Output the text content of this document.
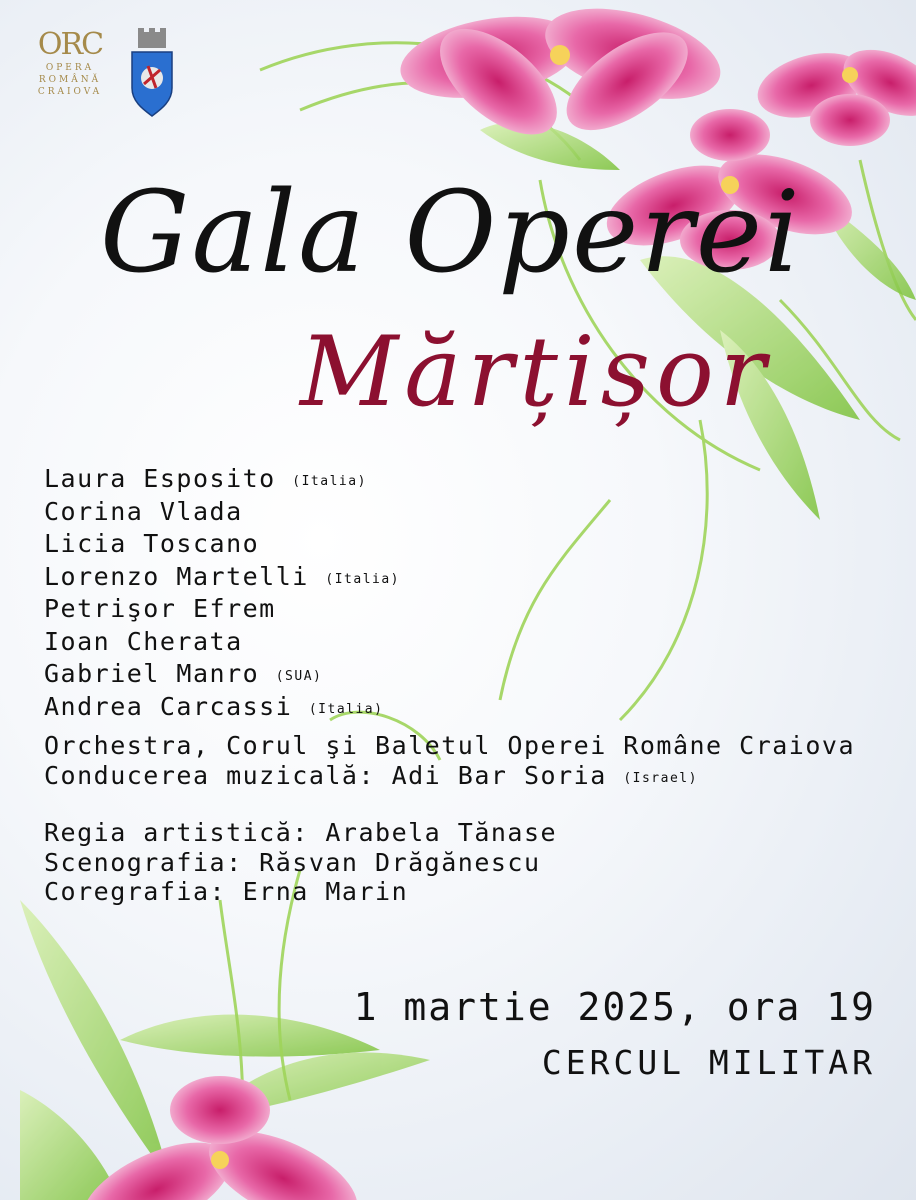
ORC
OPERA
ROMÂNĂ
CRAIOVA
Gala Operei
Mărțișor
Laura Esposito (Italia)
Corina Vlada
Licia Toscano
Lorenzo Martelli (Italia)
Petrişor Efrem
Ioan Cherata
Gabriel Manro (SUA)
Andrea Carcassi (Italia)
Orchestra, Corul şi Baletul Operei Române Craiova
Conducerea muzicală: Adi Bar Soria (Israel)
Regia artistică: Arabela Tănase
Scenografia: Răsvan Drăgănescu
Coregrafia: Erna Marin
1 martie 2025, ora 19
CERCUL MILITAR
